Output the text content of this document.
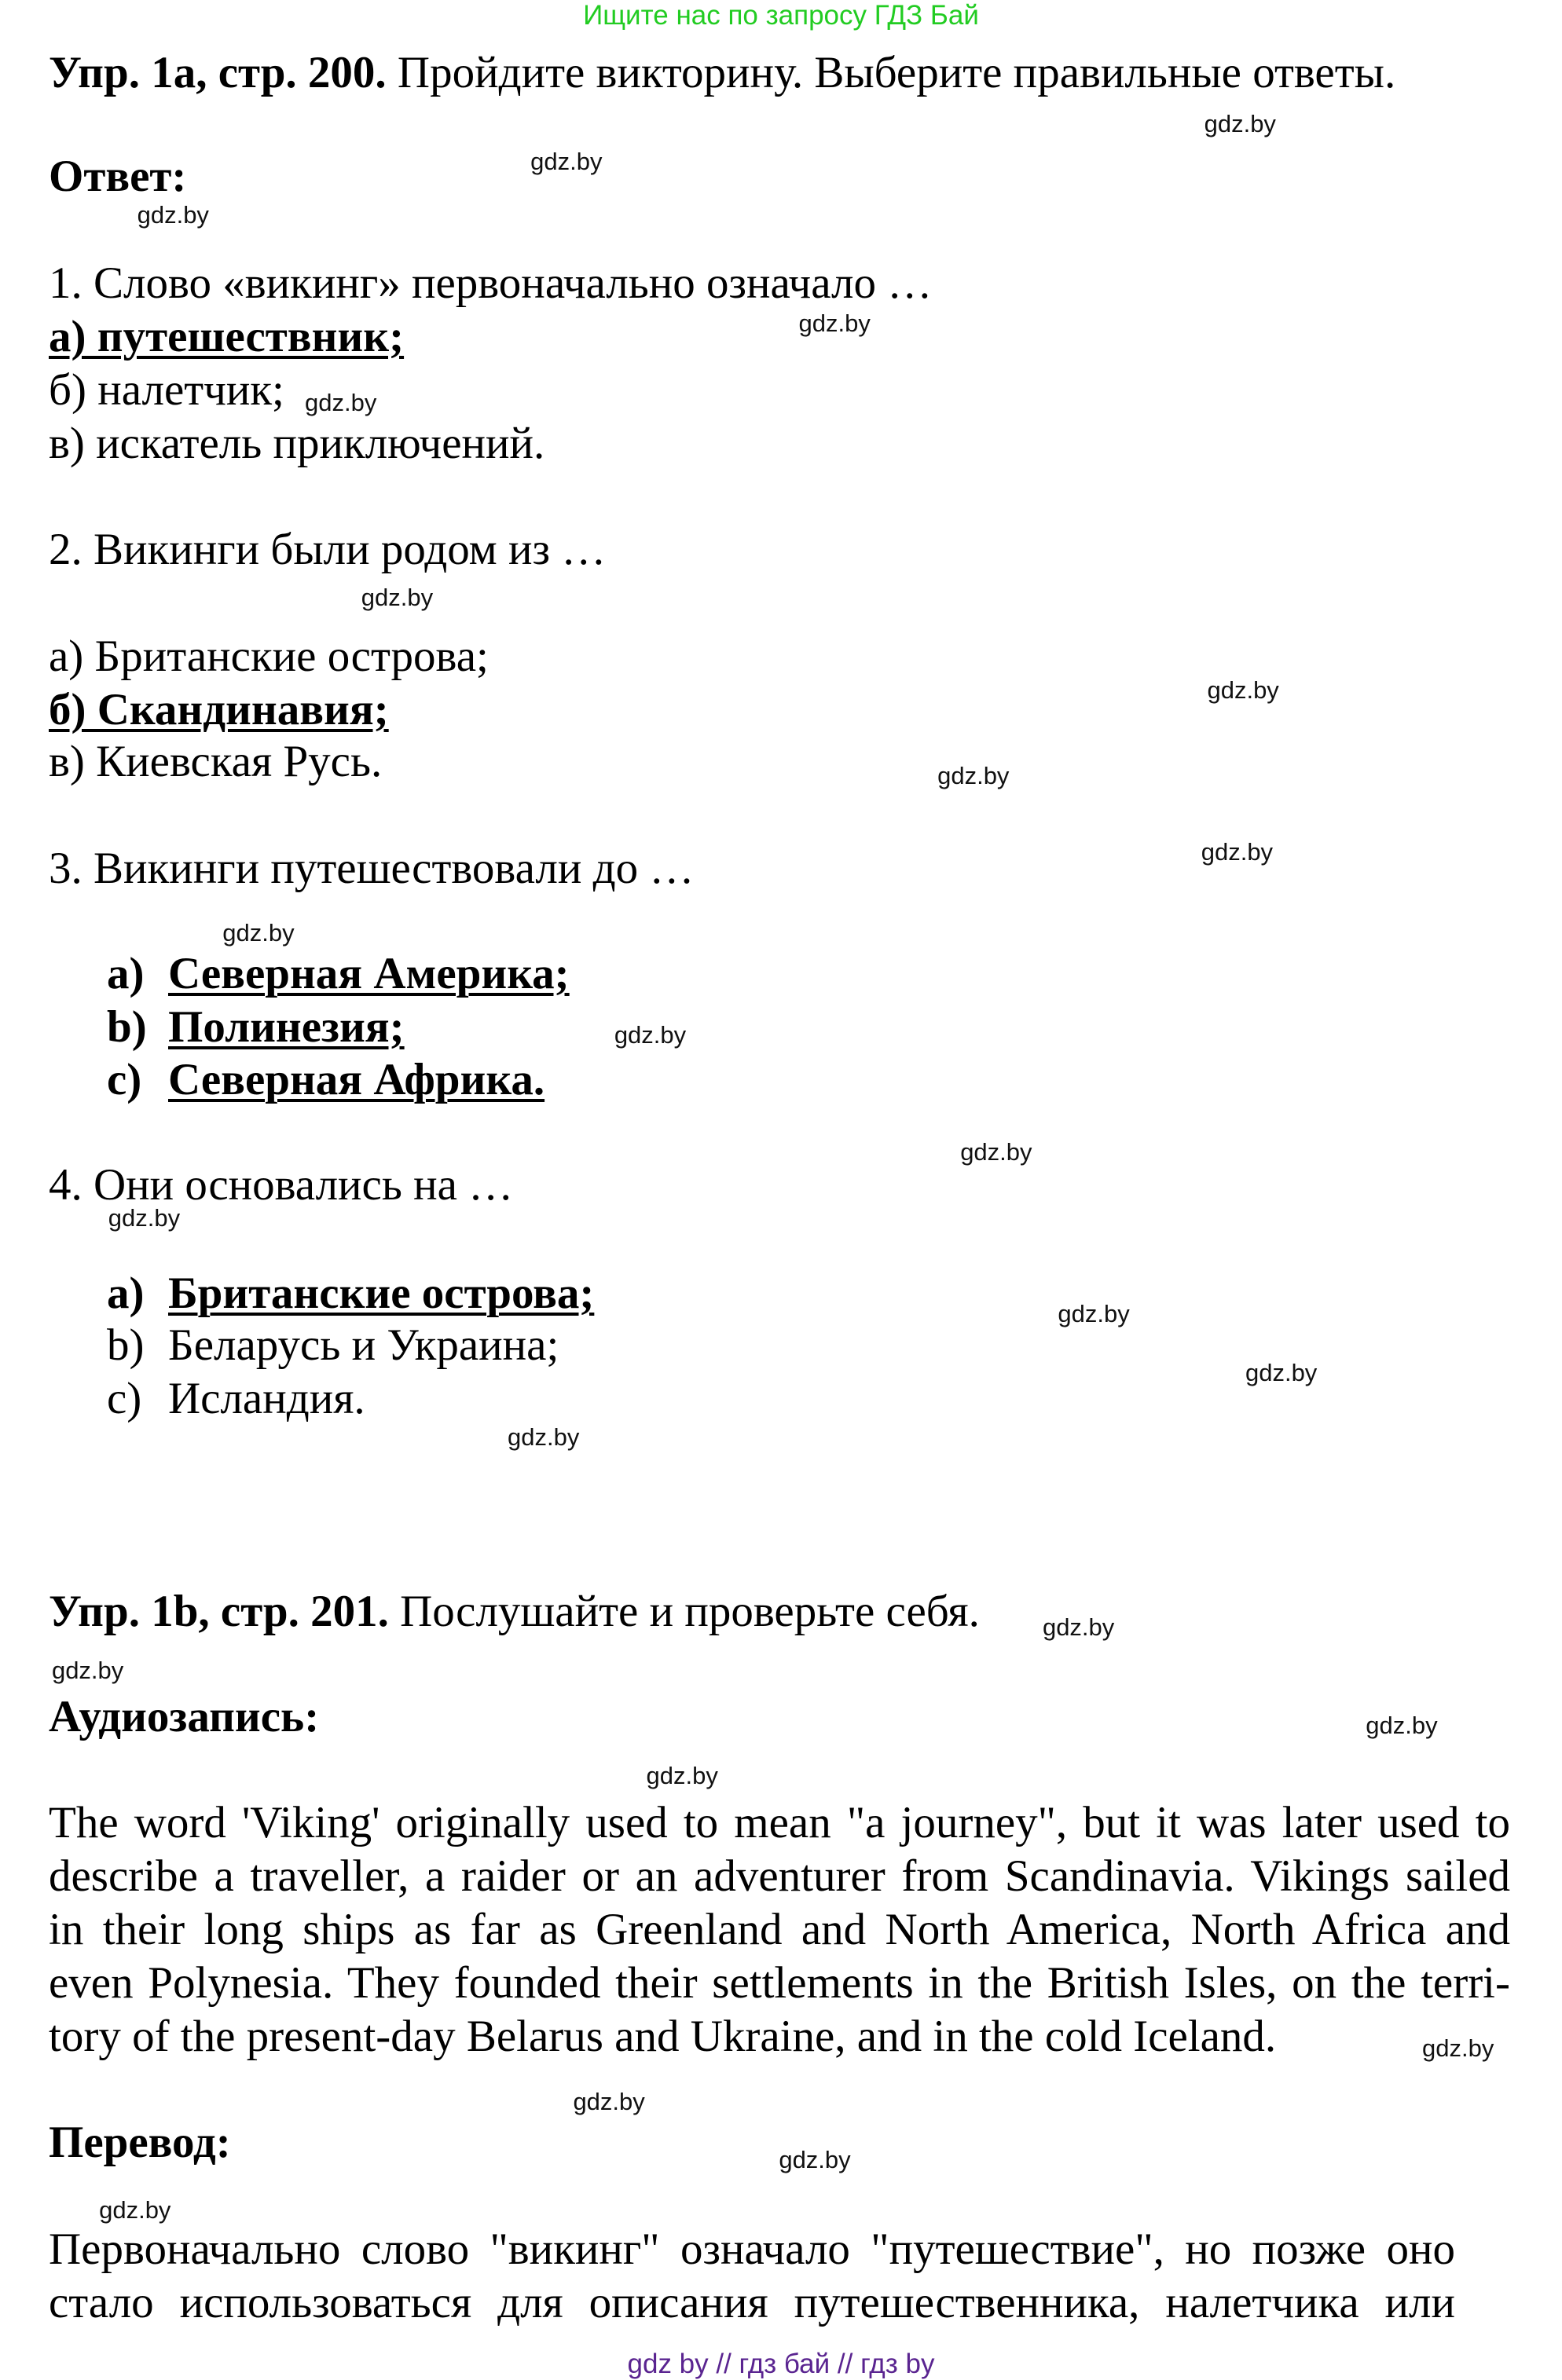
Ищите нас по запросу ГДЗ Бай
Упр. 1а, стр. 200. Пройдите викторину. Выберите правильные ответы.
Ответ:
1. Слово «викинг» первоначально означало …
а) путешествник;
б) налетчик;
в) искатель приключений.
2. Викинги были родом из …
а) Британские острова;
б) Скандинавия;
в) Киевская Русь.
3. Викинги путешествовали до …
a) Северная Америка;
b) Полинезия;
c) Северная Африка.
4. Они основались на …
a) Британские острова;
b) Беларусь и Украина;
c) Исландия.
Упр. 1b, стр. 201. Послушайте и проверьте себя.
Аудиозапись:
The word 'Viking' originally used to mean "a journey", but it was later used to
describe a traveller, a raider or an adventurer from Scandinavia. Vikings sailed
in their long ships as far as Greenland and North America, North Africa and
even Polynesia. They founded their settlements in the British Isles, on the terri-
tory of the present-day Belarus and Ukraine, and in the cold Iceland.
Перевод:
Первоначально слово "викинг" означало "путешествие", но позже оно
стало использоваться для описания путешественника, налетчика или
gdz.by
gdz.by
gdz.by
gdz.by
gdz.by
gdz.by
gdz.by
gdz.by
gdz.by
gdz.by
gdz.by
gdz.by
gdz.by
gdz.by
gdz.by
gdz.by
gdz.by
gdz.by
gdz.by
gdz.by
gdz.by
gdz.by
gdz.by
gdz.by
gdz by // гдз бай // гдз by
